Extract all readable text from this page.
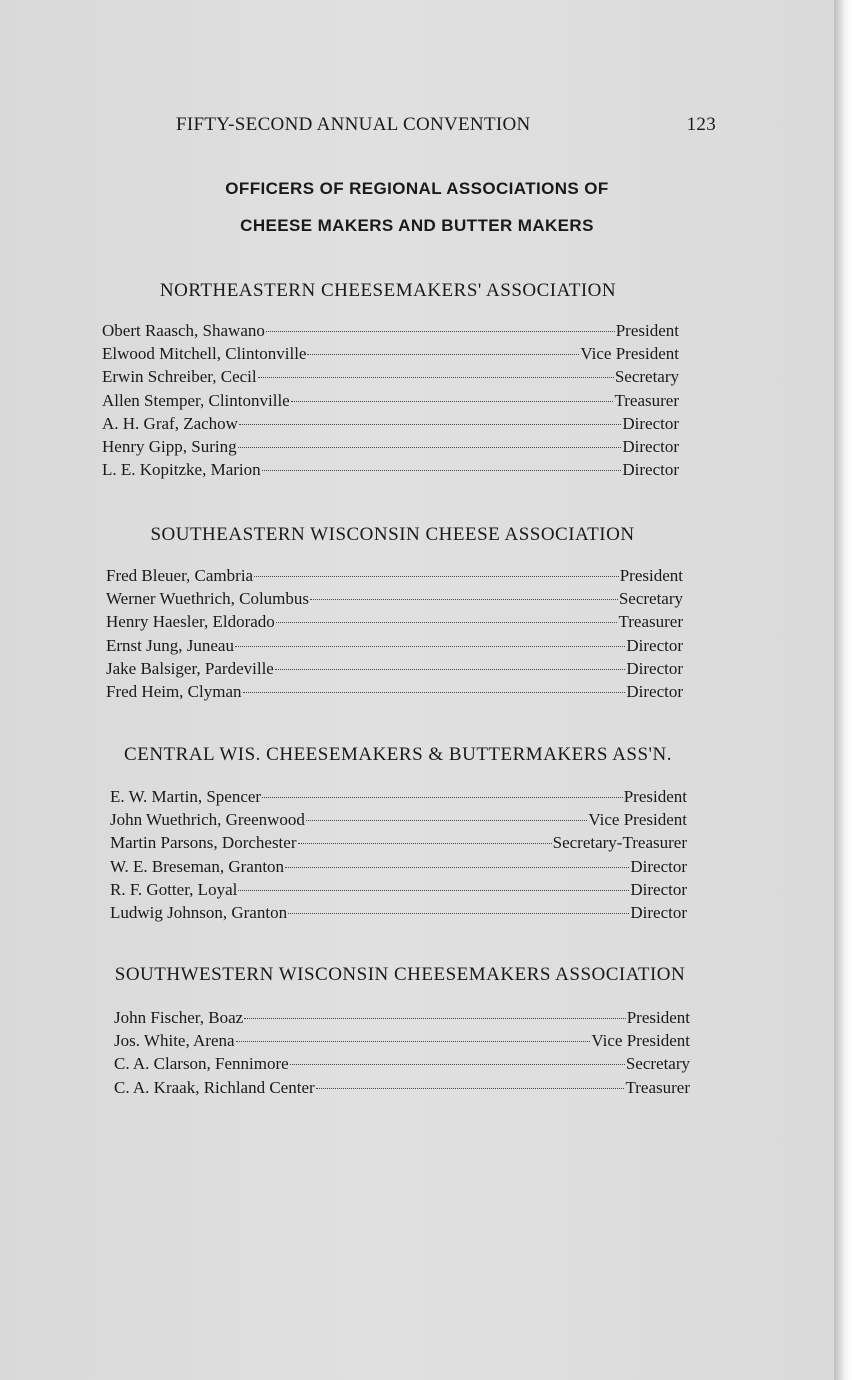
FIFTY-SECOND ANNUAL CONVENTION	123
OFFICERS OF REGIONAL ASSOCIATIONS OF
CHEESE MAKERS AND BUTTER MAKERS
NORTHEASTERN CHEESEMAKERS' ASSOCIATION
Obert Raasch, Shawano	President
Elwood Mitchell, Clintonville	Vice President
Erwin Schreiber, Cecil	Secretary
Allen Stemper, Clintonville	Treasurer
A. H. Graf, Zachow	Director
Henry Gipp, Suring	Director
L. E. Kopitzke, Marion	Director
SOUTHEASTERN WISCONSIN CHEESE ASSOCIATION
Fred Bleuer, Cambria	President
Werner Wuethrich, Columbus	Secretary
Henry Haesler, Eldorado	Treasurer
Ernst Jung, Juneau	Director
Jake Balsiger, Pardeville	Director
Fred Heim, Clyman	Director
CENTRAL WIS. CHEESEMAKERS & BUTTERMAKERS ASS'N.
E. W. Martin, Spencer	President
John Wuethrich, Greenwood	Vice President
Martin Parsons, Dorchester	Secretary-Treasurer
W. E. Breseman, Granton	Director
R. F. Gotter, Loyal	Director
Ludwig Johnson, Granton	Director
SOUTHWESTERN WISCONSIN CHEESEMAKERS ASSOCIATION
John Fischer, Boaz	President
Jos. White, Arena	Vice President
C. A. Clarson, Fennimore	Secretary
C. A. Kraak, Richland Center	Treasurer
